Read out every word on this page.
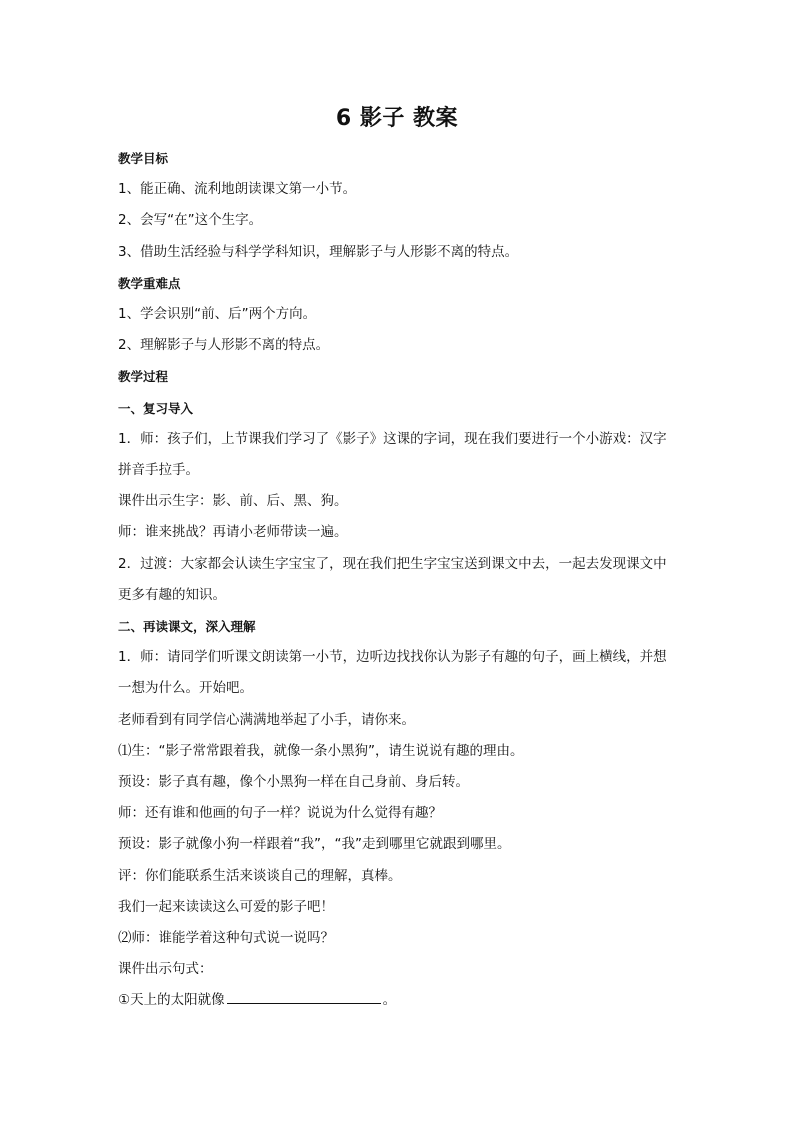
6 影子 教案

教学目标

1、能正确、流利地朗读课文第一小节。

2、会写“在”这个生字。

3、借助生活经验与科学学科知识，理解影子与人形影不离的特点。

教学重难点

1、学会识别“前、后”两个方向。

2、理解影子与人形影不离的特点。

教学过程

一、复习导入

1．师：孩子们，上节课我们学习了《影子》这课的字词，现在我们要进行一个小游戏：汉字拼音手拉手。

课件出示生字：影、前、后、黑、狗。

师：谁来挑战？再请小老师带读一遍。

2．过渡：大家都会认读生字宝宝了，现在我们把生字宝宝送到课文中去，一起去发现课文中更多有趣的知识。

二、再读课文，深入理解

1．师：请同学们听课文朗读第一小节，边听边找找你认为影子有趣的句子，画上横线，并想一想为什么。开始吧。

老师看到有同学信心满满地举起了小手，请你来。

⑴生：“影子常常跟着我，就像一条小黑狗”，请生说说有趣的理由。

预设：影子真有趣，像个小黑狗一样在自己身前、身后转。

师：还有谁和他画的句子一样？说说为什么觉得有趣？

预设：影子就像小狗一样跟着“我”，“我”走到哪里它就跟到哪里。

评：你们能联系生活来谈谈自己的理解，真棒。

我们一起来读读这么可爱的影子吧！

⑵师：谁能学着这种句式说一说吗？

课件出示句式：

①天上的太阳就像	。
